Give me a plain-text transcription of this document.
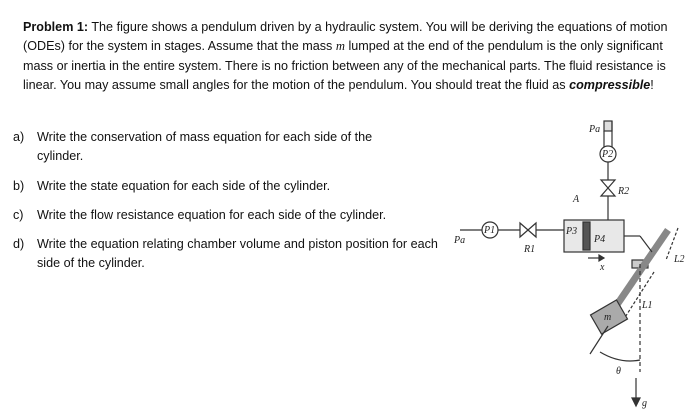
Problem 1: The figure shows a pendulum driven by a hydraulic system. You will be deriving the equations of motion (ODEs) for the system in stages. Assume that the mass m lumped at the end of the pendulum is the only significant mass or inertia in the entire system. There is no friction between any of the mechanical parts. The fluid resistance is linear. You may assume small angles for the motion of the pendulum. You should treat the fluid as compressible!
a) Write the conservation of mass equation for each side of the cylinder.
b) Write the state equation for each side of the cylinder.
c) Write the flow resistance equation for each side of the cylinder.
d) Write the equation relating chamber volume and piston position for each side of the cylinder.
Pa
P2
R2
A
Pa
P1
R1
P3
P4
x
L2
L1
m
θ
g
